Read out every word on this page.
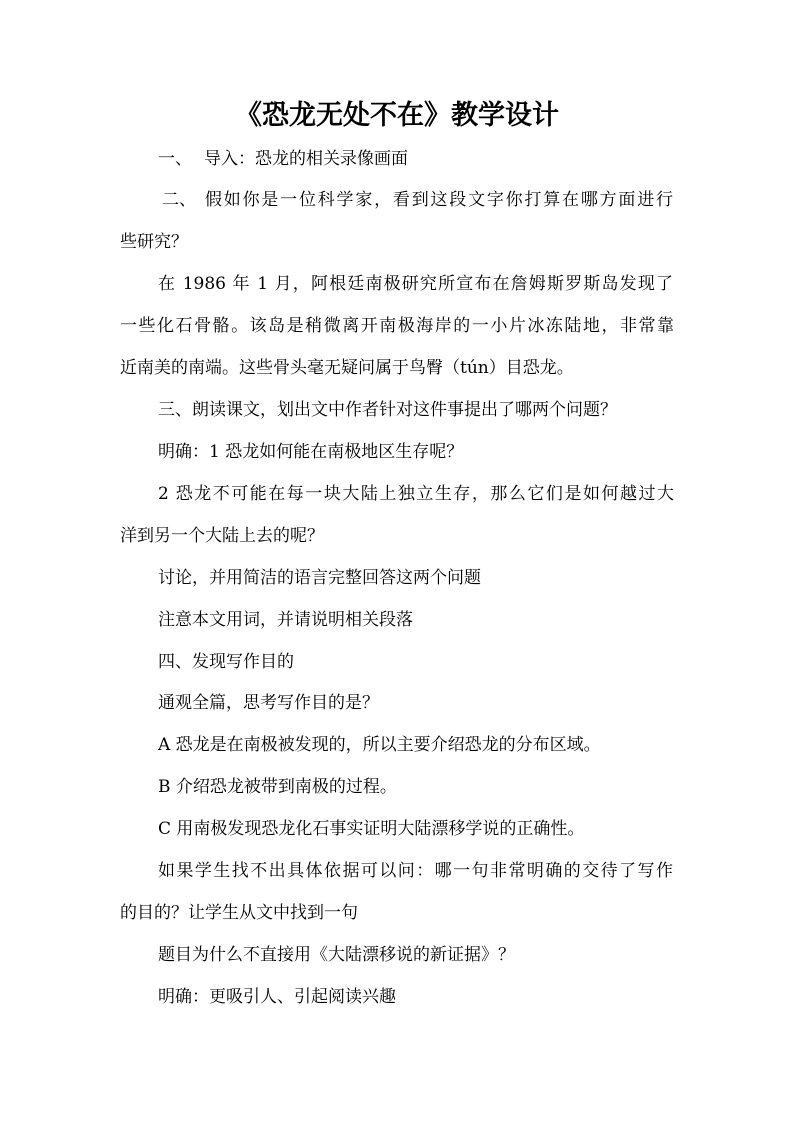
《恐龙无处不在》教学设计

一、 导入：恐龙的相关录像画面

二、 假如你是一位科学家，看到这段文字你打算在哪方面进行

些研究？

在 1986 年 1 月，阿根廷南极研究所宣布在詹姆斯罗斯岛发现了

一些化石骨骼。该岛是稍微离开南极海岸的一小片冰冻陆地，非常靠

近南美的南端。这些骨头毫无疑问属于鸟臀（tún）目恐龙。

三、朗读课文，划出文中作者针对这件事提出了哪两个问题？

明确：1 恐龙如何能在南极地区生存呢？

2 恐龙不可能在每一块大陆上独立生存，那么它们是如何越过大

洋到另一个大陆上去的呢？

讨论，并用简洁的语言完整回答这两个问题

注意本文用词，并请说明相关段落

四、发现写作目的

通观全篇，思考写作目的是？

A 恐龙是在南极被发现的，所以主要介绍恐龙的分布区域。

B 介绍恐龙被带到南极的过程。

C 用南极发现恐龙化石事实证明大陆漂移学说的正确性。

如果学生找不出具体依据可以问：哪一句非常明确的交待了写作

的目的？让学生从文中找到一句

题目为什么不直接用《大陆漂移说的新证据》？

明确：更吸引人、引起阅读兴趣
